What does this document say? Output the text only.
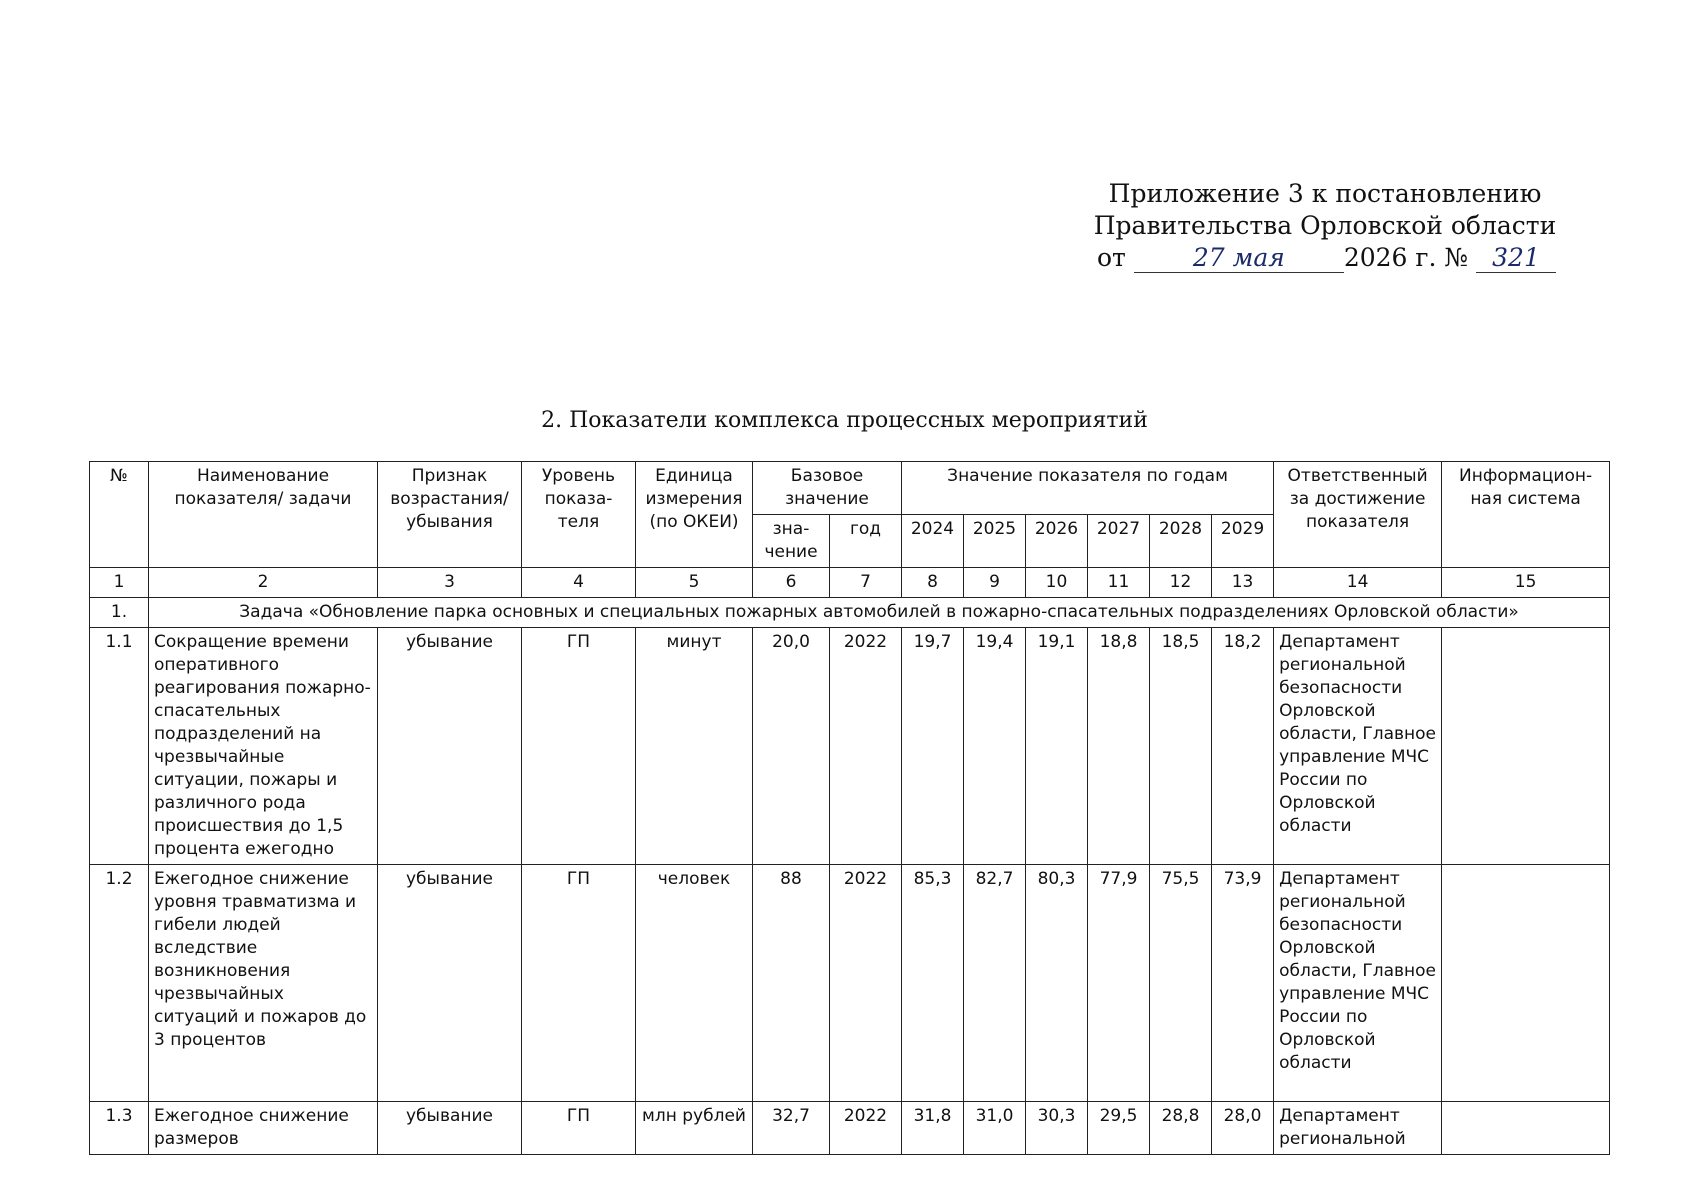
Приложение 3 к постановлению
Правительства Орловской области
от	27 мая 2026 г. № 321
2. Показатели комплекса процессных мероприятий
№	Наименование показателя/ задачи	Признак возрастания/ убывания	Уровень показа- теля	Единица измерения (по ОКЕИ)	Базовое значение		Значение показателя по годам						Ответственный за достижение показателя	Информацион- ная система
					зна- чение	год	2024	2025	2026	2027	2028	2029		
1	2	3	4	5	6	7	8	9	10	11	12	13	14	15
1.	Задача «Обновление парка основных и специальных пожарных автомобилей в пожарно-спасательных подразделениях Орловской области»													
1.1	Сокращение времени оперативного реагирования пожарно-спасательных подразделений на чрезвычайные ситуации, пожары и различного рода происшествия до 1,5 процента ежегодно	убывание	ГП	минут	20,0	2022	19,7	19,4	19,1	18,8	18,5	18,2	Департамент региональной безопасности Орловской области, Главное управление МЧС России по Орловской области	
1.2	Ежегодное снижение уровня травматизма и гибели людей вследствие возникновения чрезвычайных ситуаций и пожаров до 3 процентов	убывание	ГП	человек	88	2022	85,3	82,7	80,3	77,9	75,5	73,9	Департамент региональной безопасности Орловской области, Главное управление МЧС России по Орловской области	
1.3	Ежегодное снижение размеров	убывание	ГП	млн рублей	32,7	2022	31,8	31,0	30,3	29,5	28,8	28,0	Департамент региональной	
